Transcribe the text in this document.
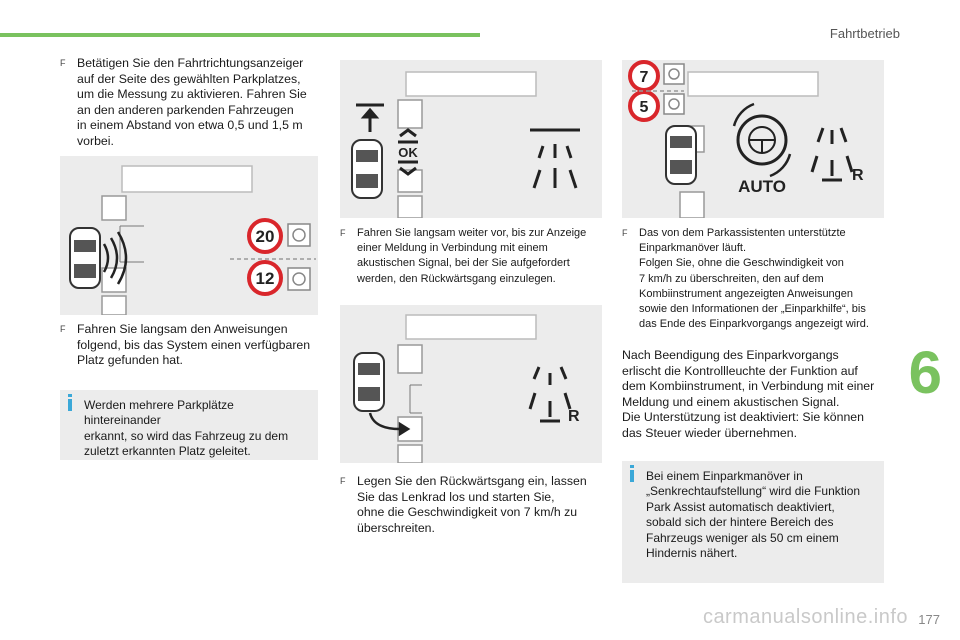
Fahrtbetrieb
6
177
carmanualsonline.info
F Betätigen Sie den Fahrtrichtungsanzeiger
auf der Seite des gewählten Parkplatzes,
um die Messung zu aktivieren. Fahren Sie
an den anderen parkenden Fahrzeugen
in einem Abstand von etwa 0,5 und 1,5 m
vorbei.
20
12
F Fahren Sie langsam den Anweisungen
folgend, bis das System einen verfügbaren
Platz gefunden hat.
Werden mehrere Parkplätze hintereinander
erkannt, so wird das Fahrzeug zu dem
zuletzt erkannten Platz geleitet.
OK
F	Fahren Sie langsam weiter vor, bis zur Anzeige
einer Meldung in Verbindung mit einem
akustischen Signal, bei der Sie aufgefordert
werden, den Rückwärtsgang einzulegen.
R
F Legen Sie den Rückwärtsgang ein, lassen
Sie das Lenkrad los und starten Sie,
ohne die Geschwindigkeit von 7 km/h zu
überschreiten.
7
5
AUTO
R
F	Das von dem Parkassistenten unterstützte
Einparkmanöver läuft.
Folgen Sie, ohne die Geschwindigkeit von
7 km/h zu überschreiten, den auf dem
Kombiinstrument angezeigten Anweisungen
sowie den Informationen der „Einparkhilfe“, bis
das Ende des Einparkvorgangs angezeigt wird.
Nach Beendigung des Einparkvorgangs
erlischt die Kontrollleuchte der Funktion auf
dem Kombiinstrument, in Verbindung mit einer
Meldung und einem akustischen Signal.
Die Unterstützung ist deaktiviert: Sie können
das Steuer wieder übernehmen.
Bei einem Einparkmanöver in
„Senkrechtaufstellung“ wird die Funktion
Park Assist automatisch deaktiviert,
sobald sich der hintere Bereich des
Fahrzeugs weniger als 50 cm einem
Hindernis nähert.
